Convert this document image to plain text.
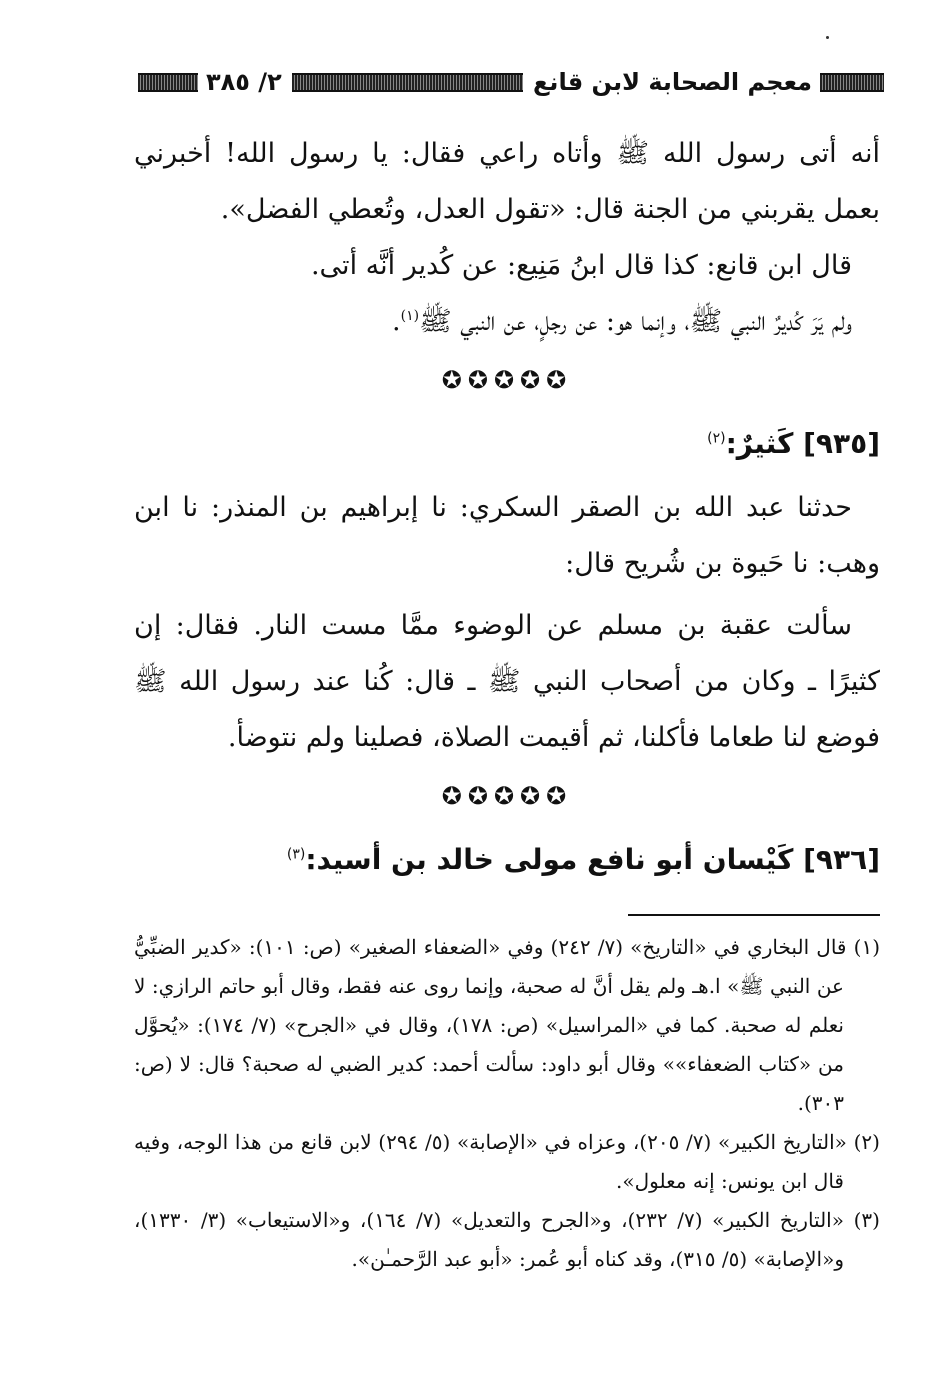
معجم الصحابة لابن قانع
٢/ ٣٨٥

أنه أتى رسول الله ﷺ وأتاه راعي فقال: يا رسول الله! أخبرني بعمل يقربني من الجنة قال: «تقول العدل، وتُعطي الفضل».

قال ابن قانع: كذا قال ابنُ مَنِيع: عن كُدير أنَّه أتى.

ولم يَرَ كُديرٌ النبي ﷺ، وإنما هو: عن رجلٍ، عن النبي ﷺ$^{(١)}$.

✪✪✪✪✪
[٩٣٥] كَثيرٌ:$^{(٢)}$

حدثنا عبد الله بن الصقر السكري: نا إبراهيم بن المنذر: نا ابن وهب: نا حَيوة بن شُريح قال:

سألت عقبة بن مسلم عن الوضوء ممَّا مست النار. فقال: إن كثيرًا ـ وكان من أصحاب النبي ﷺ ـ قال: كُنا عند رسول الله ﷺ فوضع لنا طعاما فأكلنا، ثم أقيمت الصلاة، فصلينا ولم نتوضأ.

✪✪✪✪✪
[٩٣٦] كَيْسان أبو نافع مولى خالد بن أسيد:$^{(٣)}$

(١) قال البخاري في «التاريخ» (٧/ ٢٤٢) وفي «الضعفاء الصغير» (ص: ١٠١): «كدير الضبِّيُّ عن النبي ﷺ» ا.هـ ولم يقل أنَّ له صحبة، وإنما روى عنه فقط، وقال أبو حاتم الرازي: لا نعلم له صحبة. كما في «المراسيل» (ص: ١٧٨)، وقال في «الجرح» (٧/ ١٧٤): «يُحوَّل من «كتاب الضعفاء»» وقال أبو داود: سألت أحمد: كدير الضبي له صحبة؟ قال: لا (ص: ٣٠٣).

(٢) «التاريخ الكبير» (٧/ ٢٠٥)، وعزاه في «الإصابة» (٥/ ٢٩٤) لابن قانع من هذا الوجه، وفيه قال ابن يونس: إنه معلول».

(٣) «التاريخ الكبير» (٧/ ٢٣٢)، و«الجرح والتعديل» (٧/ ١٦٤)، و«الاستيعاب» (٣/ ١٣٣٠)، و«الإصابة» (٥/ ٣١٥)، وقد كناه أبو عُمر: «أبو عبد الرَّحمـٰن».
